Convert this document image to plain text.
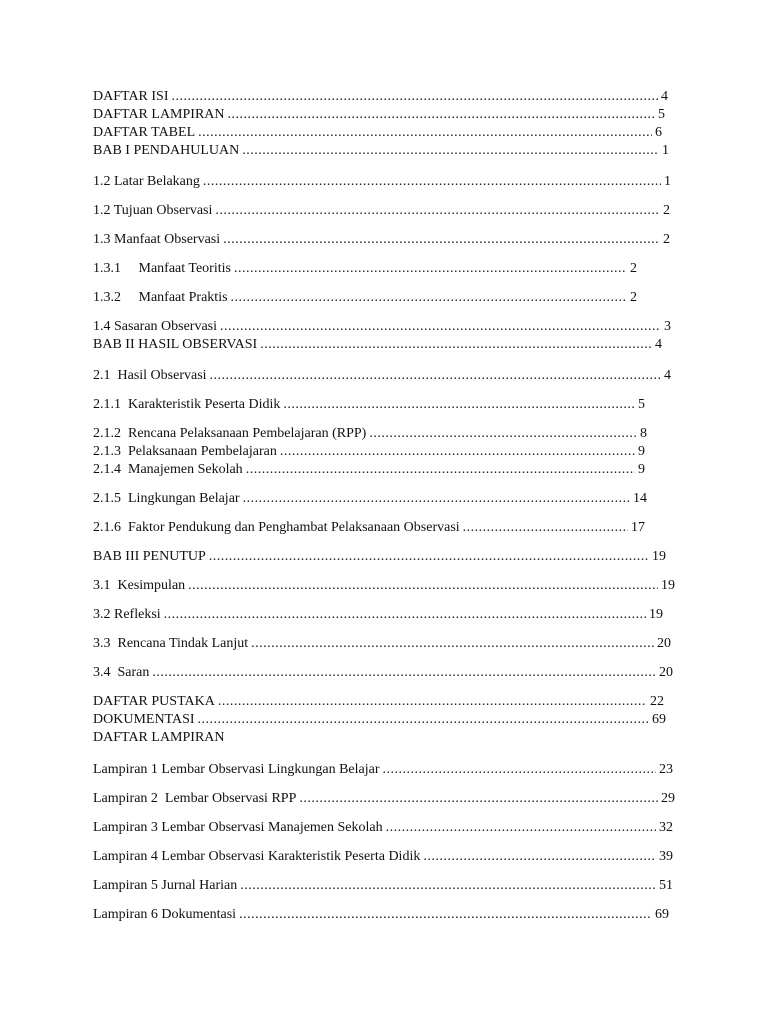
DAFTAR ISI .....	4
DAFTAR LAMPIRAN .....	5
DAFTAR TABEL .....	6
BAB I PENDAHULUAN .....	1
1.2 Latar Belakang .....	1
1.2 Tujuan Observasi .....	2
1.3 Manfaat Observasi .....	2
1.3.1     Manfaat Teoritis .....	2
1.3.2     Manfaat Praktis .....	2
1.4 Sasaran Observasi .....	3
BAB II HASIL OBSERVASI .....	4
2.1  Hasil Observasi .....	4
2.1.1  Karakteristik Peserta Didik .....	5
2.1.2  Rencana Pelaksanaan Pembelajaran (RPP) .....	8
2.1.3  Pelaksanaan Pembelajaran .....	9
2.1.4  Manajemen Sekolah .....	9
2.1.5  Lingkungan Belajar .....	14
2.1.6  Faktor Pendukung dan Penghambat Pelaksanaan Observasi .....	17
BAB III PENUTUP .....	19
3.1  Kesimpulan .....	19
3.2 Refleksi .....	19
3.3  Rencana Tindak Lanjut .....	20
3.4  Saran .....	20
DAFTAR PUSTAKA .....	22
DOKUMENTASI .....	69
DAFTAR LAMPIRAN
Lampiran 1 Lembar Observasi Lingkungan Belajar .....	23
Lampiran 2  Lembar Observasi RPP .....	29
Lampiran 3 Lembar Observasi Manajemen Sekolah .....	32
Lampiran 4 Lembar Observasi Karakteristik Peserta Didik .....	39
Lampiran 5 Jurnal Harian .....	51
Lampiran 6 Dokumentasi .....	69
